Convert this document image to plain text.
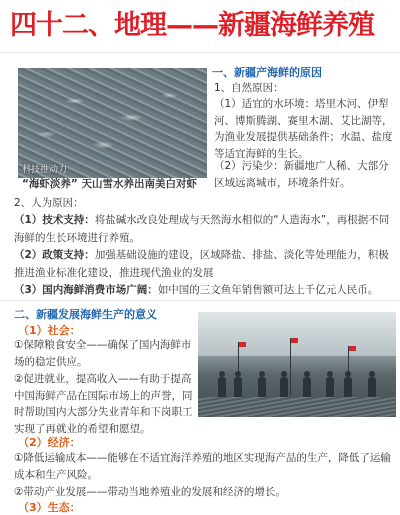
四十二、地理——新疆海鲜养殖
科技推动力
“海虾淡养” 天山雪水养出南美白对虾
一、新疆产海鲜的原因
1、自然原因：
（1）适宜的水环境：塔里木河、伊犁河、博斯腾湖、赛里木湖、艾比湖等，为渔业发展提供基础条件；水温、盐度等适宜海鲜的生长。
（2）污染少：新疆地广人稀、大部分区域远离城市，环境条件好。
2、人为原因：
（1）技术支持：将盐碱水改良处理成与天然海水相似的“人造海水”，再根据不同海鲜的生长环境进行养殖。
（2）政策支持：加强基础设施的建设，区域降盐、排盐、淡化等处理能力，积极推进渔业标准化建设，推进现代渔业的发展
（3）国内海鲜消费市场广阔：如中国的三文鱼年销售额可达上千亿元人民币。
二、新疆发展海鲜生产的意义
（1）社会：
①保障粮食安全——确保了国内海鲜市场的稳定供应。
②促进就业，提高收入——有助于提高中国海鲜产品在国际市场上的声誉，同时帮助国内大部分失业青年和下岗职工实现了再就业的希望和愿望。
（2）经济：
①降低运输成本——能够在不适宜海洋养殖的地区实现海产品的生产，降低了运输成本和生产风险。
②带动产业发展——带动当地养殖业的发展和经济的增长。
（3）生态：
